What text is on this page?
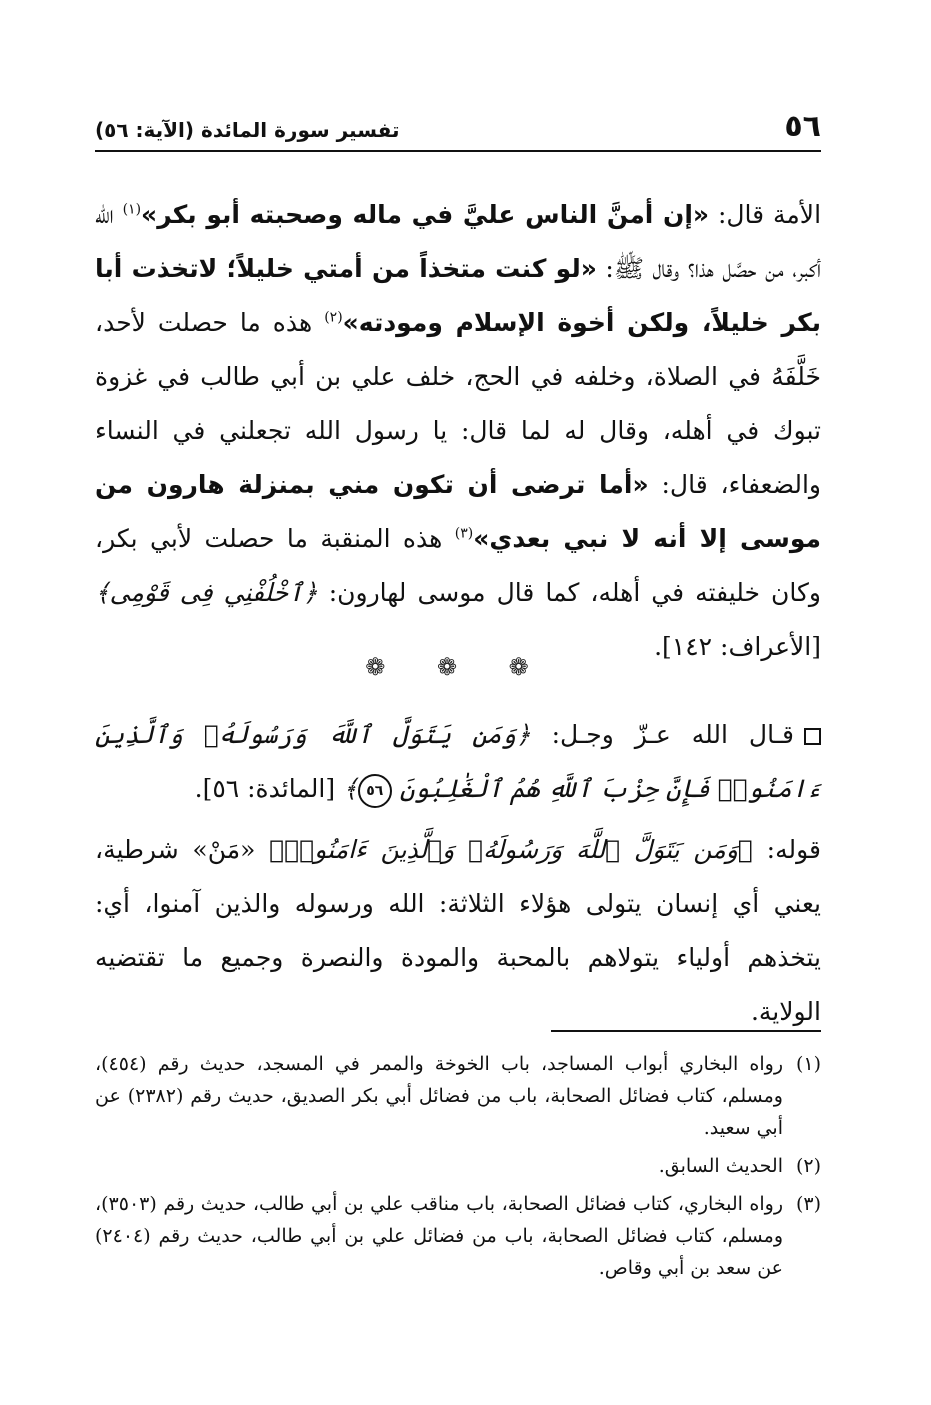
٥٦
تفسير سورة المائدة (الآية: ٥٦)

الأمة قال: «إن أمنَّ الناس عليَّ في ماله وصحبته أبو بكر»$^{(١)}$ الله أكبر، من حصَّل هذا؟ وقال ﷺ: «لو كنت متخذاً من أمتي خليلاً؛ لاتخذت أبا بكر خليلاً، ولكن أخوة الإسلام ومودته»$^{(٢)}$ هذه ما حصلت لأحد، خَلَّفَهُ في الصلاة، وخلفه في الحج، خلف علي بن أبي طالب في غزوة تبوك في أهله، وقال له لما قال: يا رسول الله تجعلني في النساء والضعفاء، قال: «أما ترضى أن تكون مني بمنزلة هارون من موسى إلا أنه لا نبي بعدي»$^{(٣)}$ هذه المنقبة ما حصلت لأبي بكر، وكان خليفته في أهله، كما قال موسى لهارون: ﴿ٱخْلُفْنِي فِى قَوْمِى﴾ [الأعراف: ١٤٢].

❁ ❁ ❁

قـال الله عـزّ وجـل: ﴿وَمَن يَتَوَلَّ ٱللَّهَ وَرَسُولَهُۥ وَٱلَّذِينَ ءَامَنُوا۟ فَإِنَّ حِزْبَ ٱللَّهِ هُمُ ٱلْغَٰلِبُونَ ٥٦﴾ [المائدة: ٥٦].

قوله: ﴿وَمَن يَتَوَلَّ ٱللَّهَ وَرَسُولَهُۥ وَٱلَّذِينَ ءَامَنُوا۟﴾ «مَنْ» شرطية، يعني أي إنسان يتولى هؤلاء الثلاثة: الله ورسوله والذين آمنوا، أي: يتخذهم أولياء يتولاهم بالمحبة والمودة والنصرة وجميع ما تقتضيه الولاية.

(١)
رواه البخاري أبواب المساجد، باب الخوخة والممر في المسجد، حديث رقم (٤٥٤)، ومسلم، كتاب فضائل الصحابة، باب من فضائل أبي بكر الصديق، حديث رقم (٢٣٨٢) عن أبي سعيد.

(٢)
الحديث السابق.

(٣)
رواه البخاري، كتاب فضائل الصحابة، باب مناقب علي بن أبي طالب، حديث رقم (٣٥٠٣)، ومسلم، كتاب فضائل الصحابة، باب من فضائل علي بن أبي طالب، حديث رقم (٢٤٠٤) عن سعد بن أبي وقاص.
